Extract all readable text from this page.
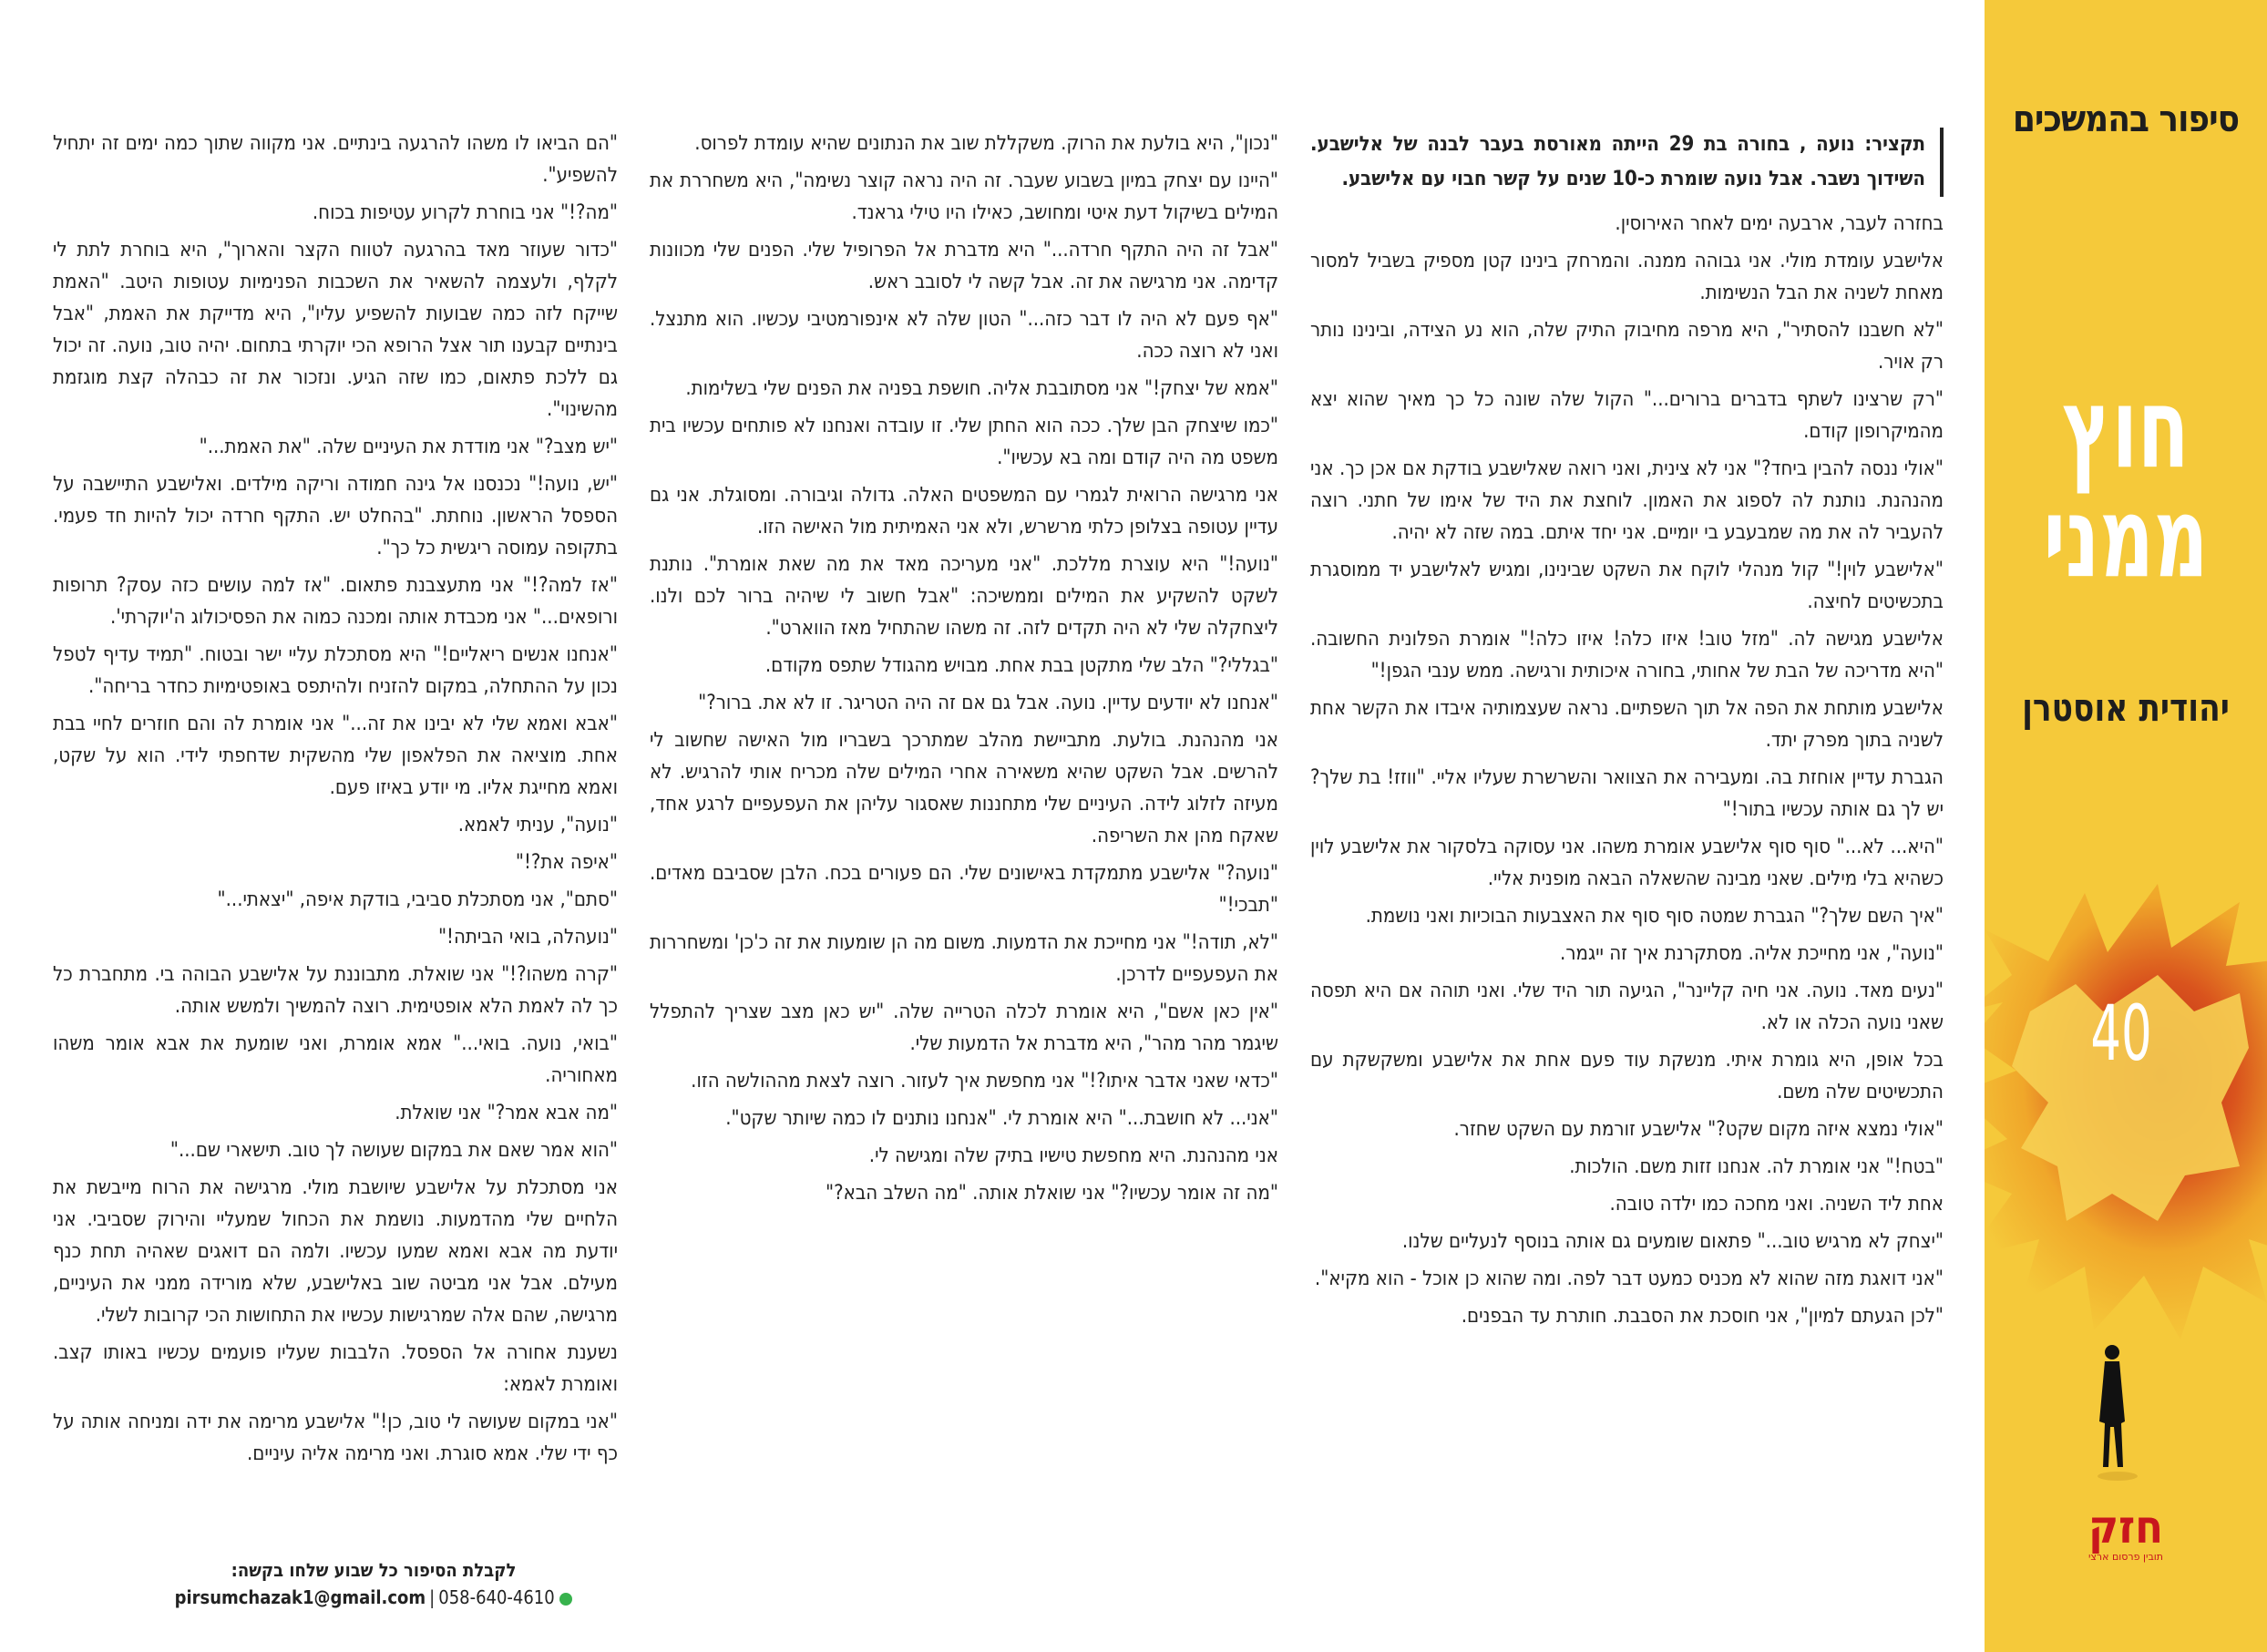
סיפור בהמשכים
חוץ
ממני
יהודית אוסטרן
40
חזק
תובין פרסום ארצי
תקציר: נועה , בחורה בת 29 הייתה מאורסת בעבר לבנה של אלישבע. השידוך נשבר. אבל נועה שומרת כ-10 שנים על קשר חבוי עם אלישבע.

בחזרה לעבר, ארבעה ימים לאחר האירוסין.

אלישבע עומדת מולי. אני גבוהה ממנה. והמרחק בינינו קטן מספיק בשביל למסור מאחת לשניה את הבל הנשימות.

"לא חשבנו להסתיר", היא מרפה מחיבוק התיק שלה, הוא נע הצידה, ובינינו נותר רק אויר.

"רק שרצינו לשתף בדברים ברורים..." הקול שלה שונה כל כך מאיך שהוא יצא מהמיקרופון קודם.

"אולי ננסה להבין ביחד?" אני לא צינית, ואני רואה שאלישבע בודקת אם אכן כך. אני מהנהנת. נותנת לה לספוג את האמון. לוחצת את היד של אימו של חתני. רוצה להעביר לה את מה שמבעבע בי יומיים. אני יחד איתם. במה שזה לא יהיה.

"אלישבע לוין!" קול מנהלי לוקח את השקט שבינינו, ומגיש לאלישבע יד ממוסגרת בתכשיטים לחיצה.

אלישבע מגישה לה. "מזל טוב! איזו כלה! איזו כלה!" אומרת הפלונית החשובה. "היא מדריכה של הבת של אחותי, בחורה איכותית ורגישה. ממש ענבי הגפן!"

אלישבע מותחת את הפה אל תוך השפתיים. נראה שעצמותיה איבדו את הקשר אחת לשניה בתוך מפרק יתד.

הגברת עדיין אוחזת בה. ומעבירה את הצוואר והשרשרת שעליו אליי. "ווזז! בת שלך? יש לך גם אותה עכשיו בתור!"

"היא... לא..." סוף סוף אלישבע אומרת משהו. אני עסוקה בלסקור את אלישבע לוין כשהיא בלי מילים. שאני מבינה שהשאלה הבאה מופנית אליי.

"איך השם שלך?" הגברת שמטה סוף סוף את האצבעות הבוכיות ואני נושמת.

"נועה", אני מחייכת אליה. מסתקרנת איך זה ייגמר.

"נעים מאד. נועה. אני חיה קליינר", הגיעה תור היד שלי. ואני תוהה אם היא תפסה שאני נועה הכלה או לא.

בכל אופן, היא גומרת איתי. מנשקת עוד פעם אחת את אלישבע ומשקשקת עם התכשיטים שלה משם.

"אולי נמצא איזה מקום שקט?" אלישבע זורמת עם השקט שחזר.

"בטח!" אני אומרת לה. אנחנו זזות משם. הולכות.

אחת ליד השניה. ואני מחכה כמו ילדה טובה.

"יצחק לא מרגיש טוב..." פתאום שומעים גם אותה בנוסף לנעליים שלנו.

"אני דואגת מזה שהוא לא מכניס כמעט דבר לפה. ומה שהוא כן אוכל - הוא מקיא".

"לכן הגעתם למיון", אני חוסכת את הסבבת. חותרת עד הבפנים.

"נכון", היא בולעת את הרוק. משקללת שוב את הנתונים שהיא עומדת לפרוס.

"היינו עם יצחק במיון בשבוע שעבר. זה היה נראה קוצר נשימה", היא משחררת את המילים בשיקול דעת איטי ומחושב, כאילו היו טילי גראנד.

"אבל זה היה התקף חרדה..." היא מדברת אל הפרופיל שלי. הפנים שלי מכוונות קדימה. אני מרגישה את זה. אבל קשה לי לסובב ראש.

"אף פעם לא היה לו דבר כזה..." הטון שלה לא אינפורמטיבי עכשיו. הוא מתנצל. ואני לא רוצה ככה.

"אמא של יצחק!" אני מסתובבת אליה. חושפת בפניה את הפנים שלי בשלימות.

"כמו שיצחק הבן שלך. ככה הוא החתן שלי. זו עובדה ואנחנו לא פותחים עכשיו בית משפט מה היה קודם ומה בא עכשיו".

אני מרגישה הרואית לגמרי עם המשפטים האלה. גדולה וגיבורה. ומסוגלת. אני גם עדיין עטופה בצלופן כלתי מרשרש, ולא אני האמיתית מול האישה הזו.

"נועה!" היא עוצרת מללכת. "אני מעריכה מאד את מה שאת אומרת". נותנת לשקט להשקיע את המילים וממשיכה: "אבל חשוב לי שיהיה ברור לכם ולנו. ליצחקלה שלי לא היה תקדים לזה. זה משהו שהתחיל מאז הווארט".

"בגללי?" הלב שלי מתקטן בבת אחת. מבויש מהגודל שתפס מקודם.

"אנחנו לא יודעים עדיין. נועה. אבל גם אם זה היה הטריגר. זו לא את. ברור?"

אני מהנהנת. בולעת. מתביישת מהלב שמתרכך בשבריו מול האישה שחשוב לי להרשים. אבל השקט שהיא משאירה אחרי המילים שלה מכריח אותי להרגיש. לא מעיזה לזלוג לידה. העיניים שלי מתחננות שאסגור עליהן את העפעפיים לרגע אחד, שאקח מהן את השריפה.

"נועה?" אלישבע מתמקדת באישונים שלי. הם פעורים בכח. הלבן שסביבם מאדים. "תבכי!"

"לא, תודה!" אני מחייכת את הדמעות. משום מה הן שומעות את זה כ'כן' ומשחררות את העפעפיים לדרכן.

"אין כאן אשם", היא אומרת לכלה הטרייה שלה. "יש כאן מצב שצריך להתפלל שיגמר מהר מהר", היא מדברת אל הדמעות שלי.

"כדאי שאני אדבר איתו?!" אני מחפשת איך לעזור. רוצה לצאת מההולשה הזו.

"אני... לא חושבת..." היא אומרת לי. "אנחנו נותנים לו כמה שיותר שקט".

אני מהנהנת. היא מחפשת טישיו בתיק שלה ומגישה לי.

"מה זה אומר עכשיו?" אני שואלת אותה. "מה השלב הבא?"

"הם הביאו לו משהו להרגעה בינתיים. אני מקווה שתוך כמה ימים זה יתחיל להשפיע".

"מה?!" אני בוחרת לקרוע עטיפות בכוח.

"כדור שעוזר מאד בהרגעה לטווח הקצר והארוך", היא בוחרת לתת לי לקלף, ולעצמה להשאיר את השכבות הפנימיות עטופות היטב. "האמת שייקח לזה כמה שבועות להשפיע עליו", היא מדייקת את האמת, "אבל בינתיים קבענו תור אצל הרופא הכי יוקרתי בתחום. יהיה טוב, נועה. זה יכול גם ללכת פתאום, כמו שזה הגיע. ונזכור את זה כבהלה קצת מוגזמת מהשינוי".

"יש מצב?" אני מודדת את העיניים שלה. "את האמת..."

"יש, נועה!" נכנסנו אל גינה חמודה וריקה מילדים. ואלישבע התיישבה על הספסל הראשון. נוחתת. "בהחלט יש. התקף חרדה יכול להיות חד פעמי. בתקופה עמוסה ריגשית כל כך".

"אז למה?!" אני מתעצבנת פתאום. "אז למה עושים כזה עסק? תרופות ורופאים..." אני מכבדת אותה ומכנה כמוה את הפסיכולוג ה'יוקרתי'.

"אנחנו אנשים ריאליים!" היא מסתכלת עליי ישר ובטוח. "תמיד עדיף לטפל נכון על ההתחלה, במקום להזניח ולהיתפס באופטימיות כחדר בריחה".

"אבא ואמא שלי לא יבינו את זה..." אני אומרת לה והם חוזרים לחיי בבת אחת. מוציאה את הפלאפון שלי מהשקית שדחפתי לידי. הוא על שקט, ואמא מחייגת אליו. מי יודע באיזו פעם.

"נועה", עניתי לאמא.

"איפה את?!"

"סתם", אני מסתכלת סביבי, בודקת איפה, "יצאתי..."

"נועהלה, בואי הביתה!"

"קרה משהו?!" אני שואלת. מתבוננת על אלישבע הבוהה בי. מתחברת כל כך לה לאמת הלא אופטימית. רוצה להמשיך ולמשש אותה.

"בואי, נועה. בואי..." אמא אומרת, ואני שומעת את אבא אומר משהו מאחוריה.

"מה אבא אמר?" אני שואלת.

"הוא אמר שאם את במקום שעושה לך טוב. תישארי שם..."

אני מסתכלת על אלישבע שיושבת מולי. מרגישה את הרוח מייבשת את הלחיים שלי מהדמעות. נושמת את הכחול שמעליי והירוק שסביבי. אני יודעת מה אבא ואמא שמעו עכשיו. ולמה הם דואגים שאהיה תחת כנף מעילם. אבל אני מביטה שוב באלישבע, שלא מורידה ממני את העיניים, מרגישה, שהם אלה שמרגישות עכשיו את התחושות הכי קרובות לשלי.

נשענת אחורה אל הספסל. הלבבות שעליו פועמים עכשיו באותו קצב. ואומרת לאמא:

"אני במקום שעושה לי טוב, כן!" אלישבע מרימה את ידה ומניחה אותה על כף ידי שלי. אמא סוגרת. ואני מרימה אליה עיניים.

לקבלת הסיפור כל שבוע שלחו בקשה:
pirsumchazak1@gmail.com | 058-640-4610
